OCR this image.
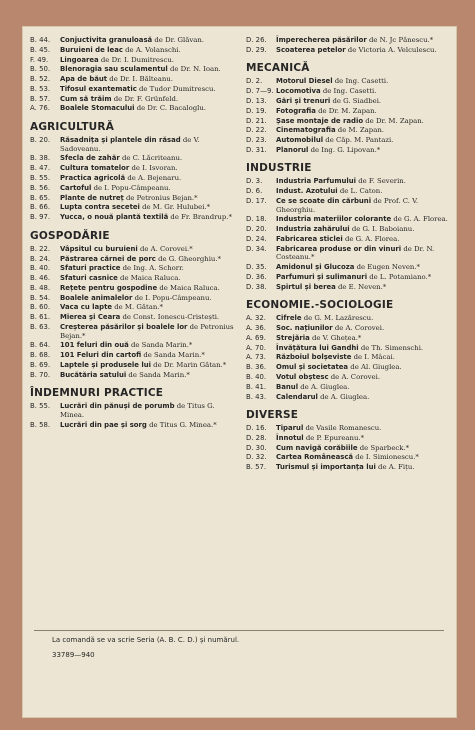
B. 44.	Conjuctivita granuloasă de Dr. Glăvan.
B. 45.	Buruieni de leac de A. Volanschi.
F. 49.	Lingoarea de Dr. I. Dumitrescu.
B. 50.	Blenoragia sau sculamentul de Dr. N. Ioan.
B. 52.	Apa de băut de Dr. I. Bălteanu.
B. 53.	Tifosul exantematic de Tudor Dumitrescu.
B. 57.	Cum să trăim de Dr. F. Grünfeld.
A. 76.	Boalele Stomacului de Dr. C. Bacaloglu.
AGRICULTURĂ
B. 20.	Răsadnița și plantele din răsad de V. Sadoveanu.
B. 38.	Sfecla de zahăr de C. Lăcriteanu.
B. 47.	Cultura tomatelor de I. Isvoran.
B. 55.	Practica agricolă de A. Bejenaru.
B. 56.	Cartoful de I. Popu-Câmpeanu.
B. 65.	Plante de nutreț de Petronius Bejan.*
B. 66.	Lupta contra secetei de M. Gr. Hulubei.*
B. 97.	Yucca, o nouă plantă textilă de Fr. Brandrup.*
GOSPODĂRIE
B. 22.	Vâpsitul cu buruieni de A. Corovei.*
B. 24.	Păstrarea cărnei de porc de G. Gheorghiu.*
B. 40.	Sfaturi practice de Ing. A. Schorr.
B. 46.	Sfaturi casnice de Maica Raluca.
B. 48.	Rețete pentru gospodine de Maica Raluca.
B. 54.	Boalele animalelor de I. Popu-Câmpeanu.
B. 60.	Vaca cu lapte de M. Gătan.*
B. 61.	Mierea și Ceara de Const. Ionescu-Cristești.
B. 63.	Creșterea păsărilor și boalele lor de Petronius Bejan.*
B. 64.	101 feluri din ouă de Sanda Marin.*
B. 68.	101 Feluri din cartofi de Sanda Marin.*
B. 69.	Laptele și produsele lui de Dr. Marin Gătan.*
B. 70.	Bucătăria satului de Sanda Marin.*
ÎNDEMNURI PRACTICE
B. 55.	Lucrări din pănuși de porumb de Titus G. Minea.
B. 58.	Lucrări din pae și sorg de Titus G. Minea.*
D. 26.	Împerecherea păsărilor de N. Jc Pănescu.*
D. 29.	Scoaterea petelor de Victoria A. Velculescu.
MECANICĂ
D. 2.	Motorul Diesel de Ing. Casetti.
D. 7—9. Locomotiva de Ing. Casetti.
D. 13.	Gări și trenuri de G. Siadbei.
D. 19.	Fotografia de Dr. M. Zapan.
D. 21.	Șase montaje de radio de Dr. M. Zapan.
D. 22.	Cinematografia de M. Zapan.
D. 23.	Automobilul de Căp. M. Pantazi.
D. 31.	Planorul de Ing. G. Lipovan.*
INDUSTRIE
D. 3.	Industria Parfumului de F. Severin.
D. 6.	Indust. Azotului de L. Caton.
D. 17.	Ce se scoate din cărbuni de Prof. C. V. Gheorghiu.
D. 18.	Industria materiilor colorante de G. A. Florea.
D. 20.	Industria zahărului de G. I. Baboianu.
D. 24.	Fabricarea sticlei de G. A. Florea.
D. 34.	Fabricarea produse or din vinuri de Dr. N. Costeanu.*
D. 35.	Amidonul și Glucoza de Eugen Neven.*
D. 36.	Parfumuri și sulimanuri de L. Potamiano.*
D. 38.	Spirtul și berea de E. Neven.*
ECONOMIE.-SOCIOLOGIE
A. 32.	Cifrele de G. M. Lazărescu.
A. 36.	Soc. națiunilor de A. Corovei.
A. 69.	Strejăria de V. Ghețea.*
A. 70.	Învățătura lui Gandhi de Th. Simenschi.
A. 73.	Războiul bolșeviste de I. Mâcai.
B. 36.	Omul și societatea de Al. Giuglea.
B. 40.	Votul obștesc de A. Corovei.
B. 41.	Banul de A. Giuglea.
B. 43.	Calendarul de A. Giuglea.
DIVERSE
D. 16.	Tiparul de Vasile Romanescu.
D. 28.	Înnotul de P. Epureanu.*
D. 30.	Cum navigă corăbiile de Sparbeck.*
D. 32.	Cartea Românească de I. Simionescu.*
B. 57.	Turismul și importanța lui de A. Fițu.
La comandă se va scrie Seria (A. B. C. D.) și numărul.
33789—940
